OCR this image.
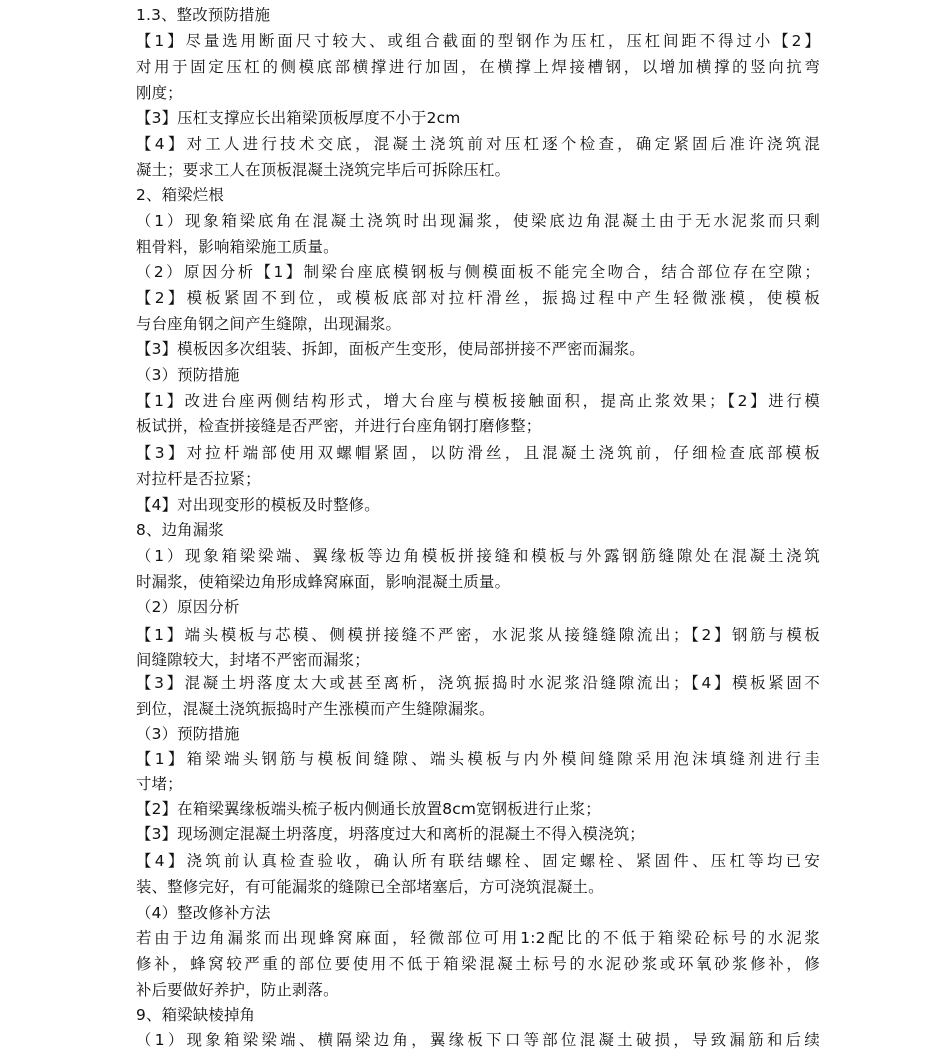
1.3、整改预防措施
【1】尽量选用断面尺寸较大、或组合截面的型钢作为压杠，压杠间距不得过小【2】
对用于固定压杠的侧模底部横撑进行加固，在横撑上焊接槽钢，以增加横撑的竖向抗弯
刚度；
【3】压杠支撑应长出箱梁顶板厚度不小于2cm
【4】对工人进行技术交底，混凝土浇筑前对压杠逐个检查，确定紧固后准许浇筑混
凝土；要求工人在顶板混凝土浇筑完毕后可拆除压杠。
2、箱梁烂根
（1）现象箱梁底角在混凝土浇筑时出现漏浆，使梁底边角混凝土由于无水泥浆而只剩
粗骨料，影响箱梁施工质量。
（2）原因分析【1】制梁台座底模钢板与侧模面板不能完全吻合，结合部位存在空隙；
【2】模板紧固不到位，或模板底部对拉杆滑丝，振捣过程中产生轻微涨模，使模板
与台座角钢之间产生缝隙，出现漏浆。
【3】模板因多次组装、拆卸，面板产生变形，使局部拼接不严密而漏浆。
（3）预防措施
【1】改进台座两侧结构形式，增大台座与模板接触面积，提高止浆效果；【2】进行模
板试拼，检查拼接缝是否严密，并进行台座角钢打磨修整；
【3】对拉杆端部使用双螺帽紧固，以防滑丝，且混凝土浇筑前，仔细检查底部模板
对拉杆是否拉紧；
【4】对出现变形的模板及时整修。
8、边角漏浆
（1）现象箱梁梁端、翼缘板等边角模板拼接缝和模板与外露钢筋缝隙处在混凝土浇筑
时漏浆，使箱梁边角形成蜂窝麻面，影响混凝土质量。
（2）原因分析
【1】端头模板与芯模、侧模拼接缝不严密，水泥浆从接缝缝隙流出；【2】钢筋与模板
间缝隙较大，封堵不严密而漏浆；
【3】混凝土坍落度太大或甚至离析，浇筑振捣时水泥浆沿缝隙流出；【4】模板紧固不
到位，混凝土浇筑振捣时产生涨模而产生缝隙漏浆。
（3）预防措施
【1】箱梁端头钢筋与模板间缝隙、端头模板与内外模间缝隙采用泡沫填缝剂进行圭
寸堵；
【2】在箱梁翼缘板端头梳子板内侧通长放置8cm宽钢板进行止浆；
【3】现场测定混凝土坍落度，坍落度过大和离析的混凝土不得入模浇筑；
【4】浇筑前认真检查验收，确认所有联结螺栓、固定螺栓、紧固件、压杠等均已安
装、整修完好，有可能漏浆的缝隙已全部堵塞后，方可浇筑混凝土。
（4）整改修补方法
若由于边角漏浆而出现蜂窝麻面，轻微部位可用1:2配比的不低于箱梁砼标号的水泥浆
修补，蜂窝较严重的部位要使用不低于箱梁混凝土标号的水泥砂浆或环氧砂浆修补，修
补后要做好养护，防止剥落。
9、箱梁缺棱掉角
（1）现象箱梁梁端、横隔梁边角，翼缘板下口等部位混凝土破损，导致漏筋和后续
